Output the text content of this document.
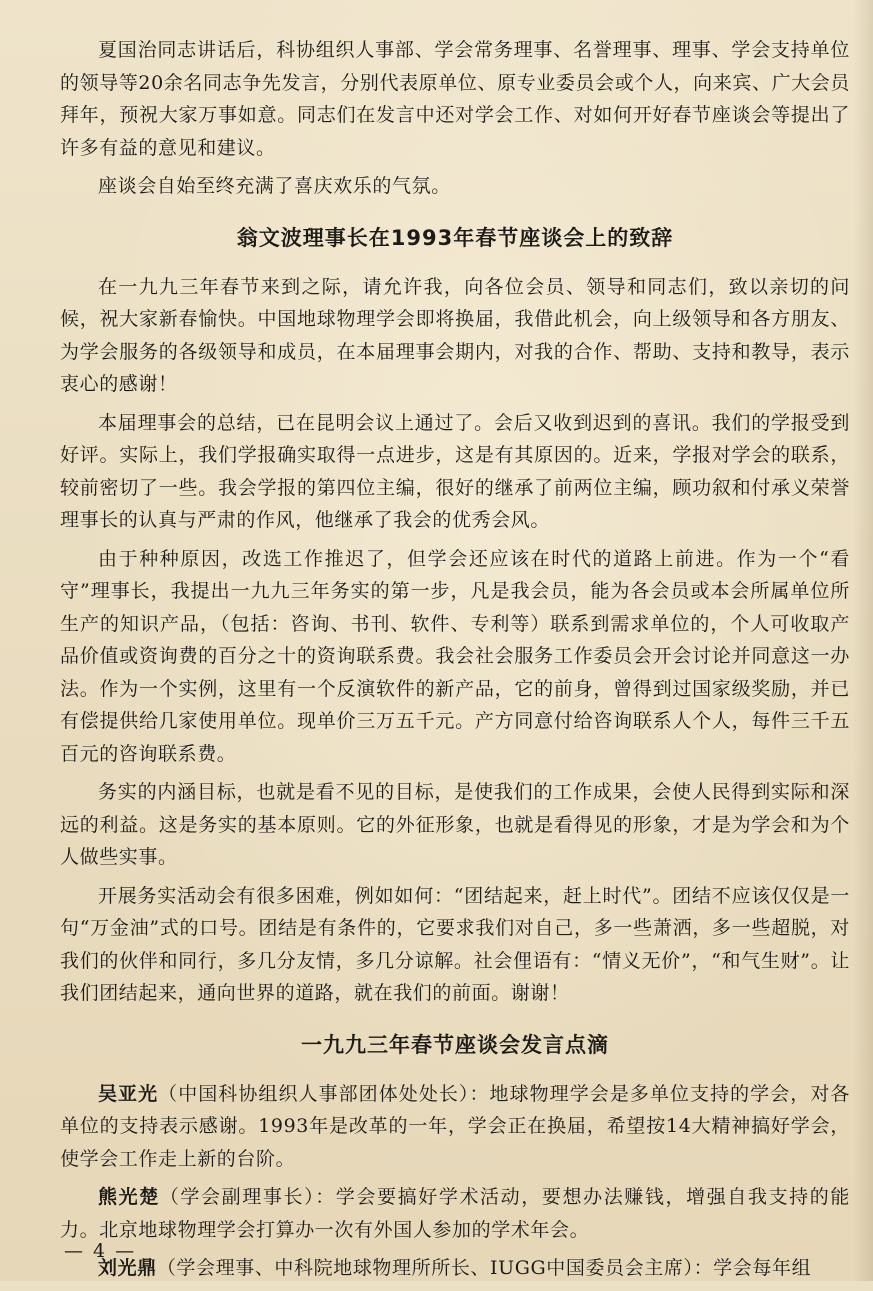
夏国治同志讲话后，科协组织人事部、学会常务理事、名誉理事、理事、学会支持单位的领导等20余名同志争先发言，分别代表原单位、原专业委员会或个人，向来宾、广大会员拜年，预祝大家万事如意。同志们在发言中还对学会工作、对如何开好春节座谈会等提出了许多有益的意见和建议。

座谈会自始至终充满了喜庆欢乐的气氛。

翁文波理事长在1993年春节座谈会上的致辞

在一九九三年春节来到之际，请允许我，向各位会员、领导和同志们，致以亲切的问候，祝大家新春愉快。中国地球物理学会即将换届，我借此机会，向上级领导和各方朋友、为学会服务的各级领导和成员，在本届理事会期内，对我的合作、帮助、支持和教导，表示衷心的感谢！

本届理事会的总结，已在昆明会议上通过了。会后又收到迟到的喜讯。我们的学报受到好评。实际上，我们学报确实取得一点进步，这是有其原因的。近来，学报对学会的联系，较前密切了一些。我会学报的第四位主编，很好的继承了前两位主编，顾功叙和付承义荣誉理事长的认真与严肃的作风，他继承了我会的优秀会风。

由于种种原因，改选工作推迟了，但学会还应该在时代的道路上前进。作为一个“看守”理事长，我提出一九九三年务实的第一步，凡是我会员，能为各会员或本会所属单位所生产的知识产品，（包括：咨询、书刊、软件、专利等）联系到需求单位的，个人可收取产品价值或资询费的百分之十的资询联系费。我会社会服务工作委员会开会讨论并同意这一办法。作为一个实例，这里有一个反演软件的新产品，它的前身，曾得到过国家级奖励，并已有偿提供给几家使用单位。现单价三万五千元。产方同意付给咨询联系人个人，每件三千五百元的咨询联系费。

务实的内涵目标，也就是看不见的目标，是使我们的工作成果，会使人民得到实际和深远的利益。这是务实的基本原则。它的外征形象，也就是看得见的形象，才是为学会和为个人做些实事。

开展务实活动会有很多困难，例如如何：“团结起来，赶上时代”。团结不应该仅仅是一句“万金油”式的口号。团结是有条件的，它要求我们对自己，多一些萧洒，多一些超脱，对我们的伙伴和同行，多几分友情，多几分谅解。社会俚语有：“情义无价”，“和气生财”。让我们团结起来，通向世界的道路，就在我们的前面。谢谢！

一九九三年春节座谈会发言点滴

吴亚光（中国科协组织人事部团体处处长）：地球物理学会是多单位支持的学会，对各单位的支持表示感谢。1993年是改革的一年，学会正在换届，希望按14大精神搞好学会，使学会工作走上新的台阶。

熊光楚（学会副理事长）：学会要搞好学术活动，要想办法赚钱，增强自我支持的能力。北京地球物理学会打算办一次有外国人参加的学术年会。

刘光鼎（学会理事、中科院地球物理所所长、IUGG中国委员会主席）：学会每年组

— 4 —
